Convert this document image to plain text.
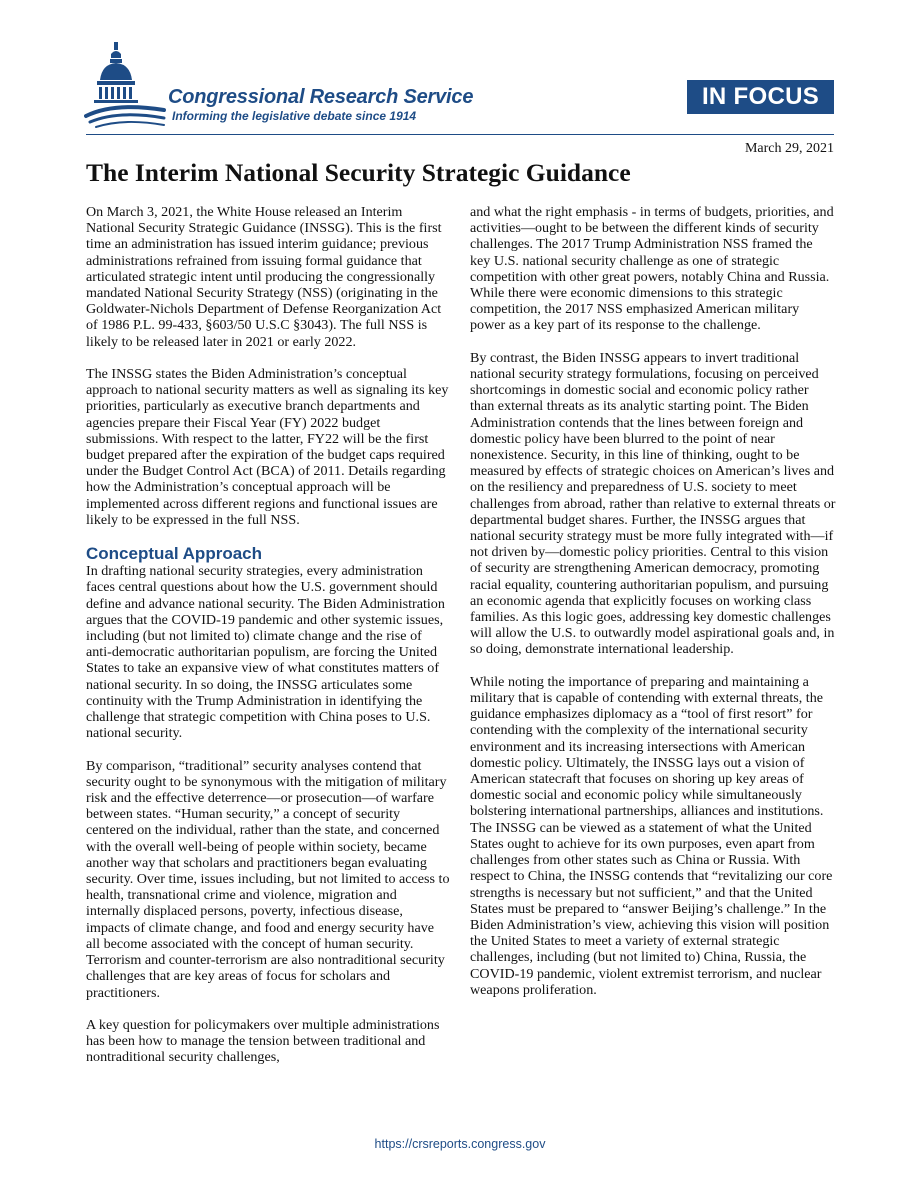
Congressional Research Service
Informing the legislative debate since 1914
IN FOCUS
March 29, 2021
The Interim National Security Strategic Guidance

On March 3, 2021, the White House released an Interim National Security Strategic Guidance (INSSG). This is the first time an administration has issued interim guidance; previous administrations refrained from issuing formal guidance that articulated strategic intent until producing the congressionally mandated National Security Strategy (NSS) (originating in the Goldwater-Nichols Department of Defense Reorganization Act of 1986 P.L. 99-433, §603/50 U.S.C §3043). The full NSS is likely to be released later in 2021 or early 2022.

The INSSG states the Biden Administration’s conceptual approach to national security matters as well as signaling its key priorities, particularly as executive branch departments and agencies prepare their Fiscal Year (FY) 2022 budget submissions. With respect to the latter, FY22 will be the first budget prepared after the expiration of the budget caps required under the Budget Control Act (BCA) of 2011. Details regarding how the Administration’s conceptual approach will be implemented across different regions and functional issues are likely to be expressed in the full NSS.

Conceptual Approach

In drafting national security strategies, every administration faces central questions about how the U.S. government should define and advance national security. The Biden Administration argues that the COVID-19 pandemic and other systemic issues, including (but not limited to) climate change and the rise of anti-democratic authoritarian populism, are forcing the United States to take an expansive view of what constitutes matters of national security. In so doing, the INSSG articulates some continuity with the Trump Administration in identifying the challenge that strategic competition with China poses to U.S. national security.

By comparison, “traditional” security analyses contend that security ought to be synonymous with the mitigation of military risk and the effective deterrence—or prosecution—of warfare between states. “Human security,” a concept of security centered on the individual, rather than the state, and concerned with the overall well-being of people within society, became another way that scholars and practitioners began evaluating security. Over time, issues including, but not limited to access to health, transnational crime and violence, migration and internally displaced persons, poverty, infectious disease, impacts of climate change, and food and energy security have all become associated with the concept of human security. Terrorism and counter-terrorism are also nontraditional security challenges that are key areas of focus for scholars and practitioners.

A key question for policymakers over multiple administrations has been how to manage the tension between traditional and nontraditional security challenges,

and what the right emphasis - in terms of budgets, priorities, and activities—ought to be between the different kinds of security challenges. The 2017 Trump Administration NSS framed the key U.S. national security challenge as one of strategic competition with other great powers, notably China and Russia. While there were economic dimensions to this strategic competition, the 2017 NSS emphasized American military power as a key part of its response to the challenge.

By contrast, the Biden INSSG appears to invert traditional national security strategy formulations, focusing on perceived shortcomings in domestic social and economic policy rather than external threats as its analytic starting point. The Biden Administration contends that the lines between foreign and domestic policy have been blurred to the point of near nonexistence. Security, in this line of thinking, ought to be measured by effects of strategic choices on American’s lives and on the resiliency and preparedness of U.S. society to meet challenges from abroad, rather than relative to external threats or departmental budget shares. Further, the INSSG argues that national security strategy must be more fully integrated with—if not driven by—domestic policy priorities. Central to this vision of security are strengthening American democracy, promoting racial equality, countering authoritarian populism, and pursuing an economic agenda that explicitly focuses on working class families. As this logic goes, addressing key domestic challenges will allow the U.S. to outwardly model aspirational goals and, in so doing, demonstrate international leadership.

While noting the importance of preparing and maintaining a military that is capable of contending with external threats, the guidance emphasizes diplomacy as a “tool of first resort” for contending with the complexity of the international security environment and its increasing intersections with American domestic policy. Ultimately, the INSSG lays out a vision of American statecraft that focuses on shoring up key areas of domestic social and economic policy while simultaneously bolstering international partnerships, alliances and institutions. The INSSG can be viewed as a statement of what the United States ought to achieve for its own purposes, even apart from challenges from other states such as China or Russia. With respect to China, the INSSG contends that “revitalizing our core strengths is necessary but not sufficient,” and that the United States must be prepared to “answer Beijing’s challenge.” In the Biden Administration’s view, achieving this vision will position the United States to meet a variety of external strategic challenges, including (but not limited to) China, Russia, the COVID-19 pandemic, violent extremist terrorism, and nuclear weapons proliferation.

https://crsreports.congress.gov
